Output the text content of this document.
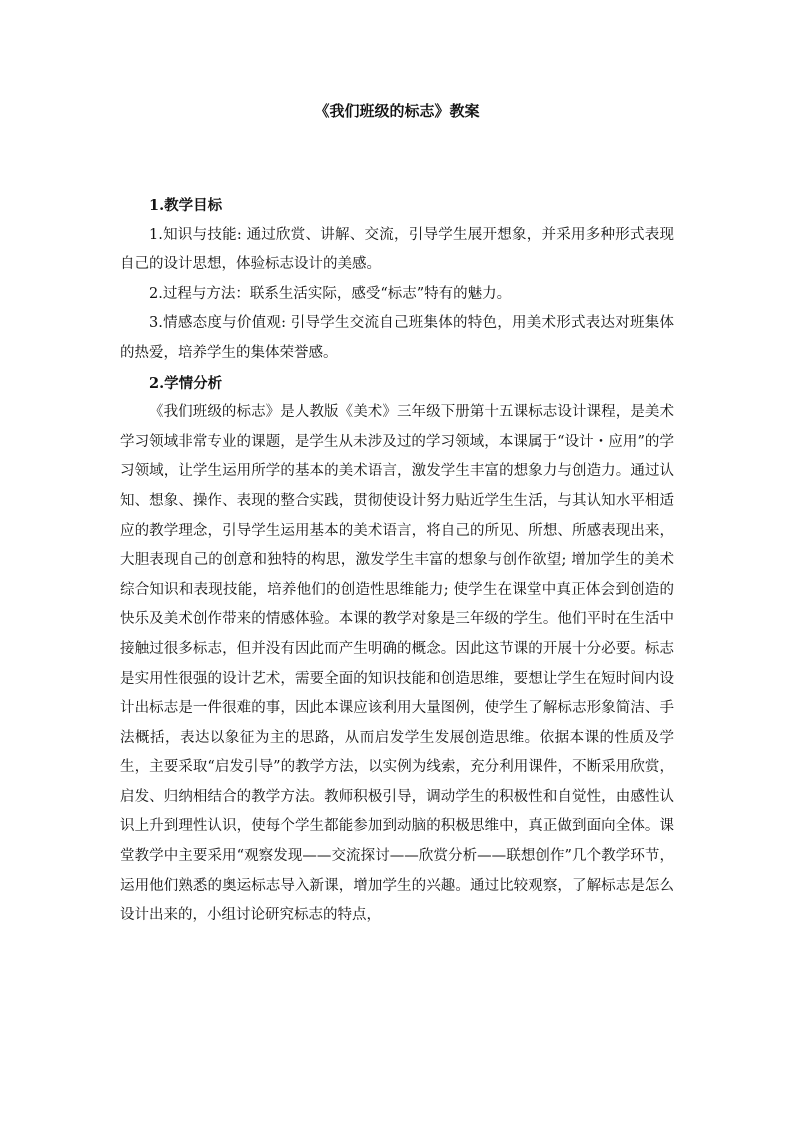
《我们班级的标志》教案

1.教学目标

1.知识与技能: 通过欣赏、讲解、交流，引导学生展开想象，并采用多种形式表现自己的设计思想，体验标志设计的美感。

2.过程与方法：联系生活实际，感受“标志”特有的魅力。

3.情感态度与价值观: 引导学生交流自己班集体的特色，用美术形式表达对班集体的热爱，培养学生的集体荣誉感。

2.学情分析

《我们班级的标志》是人教版《美术》三年级下册第十五课标志设计课程，是美术学习领域非常专业的课题，是学生从未涉及过的学习领域，本课属于“设计・应用”的学习领域，让学生运用所学的基本的美术语言，激发学生丰富的想象力与创造力。通过认知、想象、操作、表现的整合实践，贯彻使设计努力贴近学生生活，与其认知水平相适应的教学理念，引导学生运用基本的美术语言，将自己的所见、所想、所感表现出来，大胆表现自己的创意和独特的构思，激发学生丰富的想象与创作欲望; 增加学生的美术综合知识和表现技能，培养他们的创造性思维能力; 使学生在课堂中真正体会到创造的快乐及美术创作带来的情感体验。本课的教学对象是三年级的学生。他们平时在生活中接触过很多标志，但并没有因此而产生明确的概念。因此这节课的开展十分必要。标志是实用性很强的设计艺术，需要全面的知识技能和创造思维，要想让学生在短时间内设计出标志是一件很难的事，因此本课应该利用大量图例，使学生了解标志形象简洁、手法概括，表达以象征为主的思路，从而启发学生发展创造思维。依据本课的性质及学生，主要采取“启发引导”的教学方法，以实例为线索，充分利用课件，不断采用欣赏，启发、归纳相结合的教学方法。教师积极引导，调动学生的积极性和自觉性，由感性认识上升到理性认识，使每个学生都能参加到动脑的积极思维中，真正做到面向全体。课堂教学中主要采用“观察发现——交流探讨——欣赏分析——联想创作”几个教学环节，运用他们熟悉的奥运标志导入新课，增加学生的兴趣。通过比较观察，了解标志是怎么设计出来的，小组讨论研究标志的特点，
